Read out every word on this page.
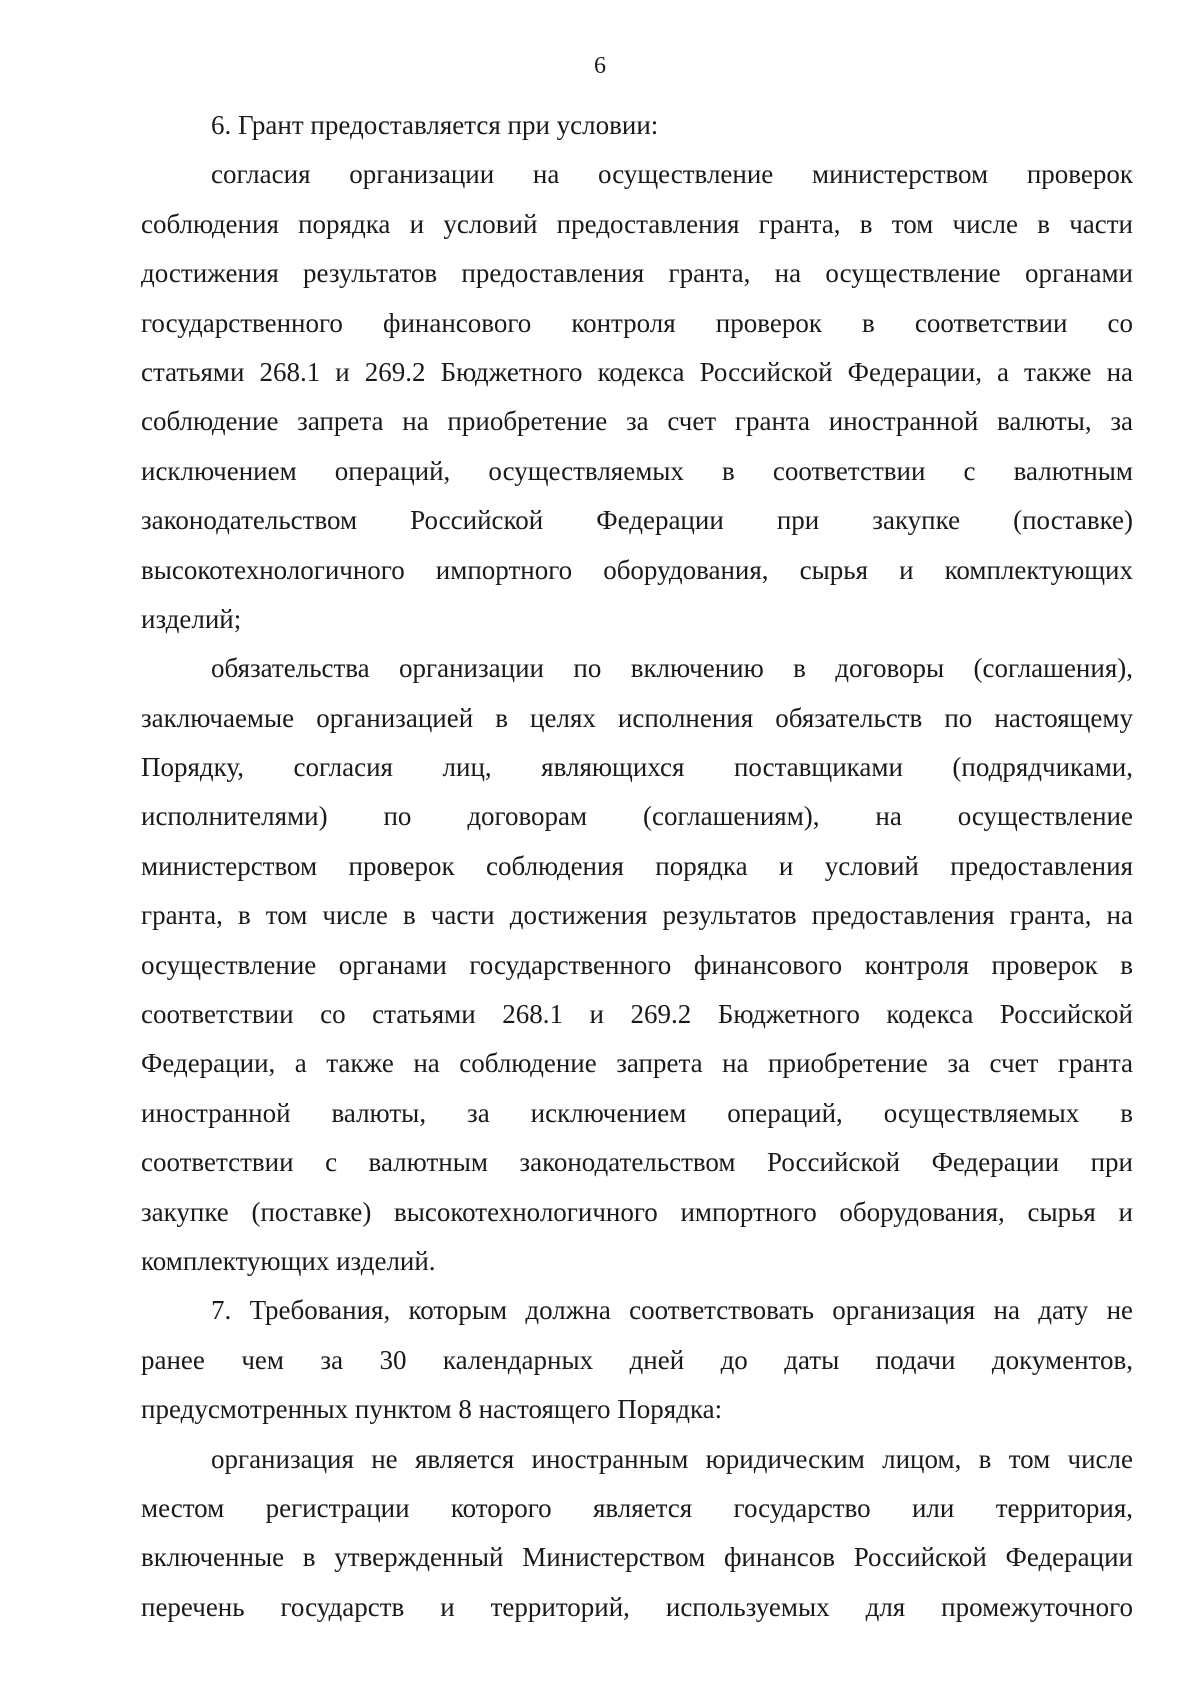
6
6. Грант предоставляется при условии:
согласия организации на осуществление министерством проверок
соблюдения порядка и условий предоставления гранта, в том числе в части
достижения результатов предоставления гранта, на осуществление органами
государственного финансового контроля проверок в соответствии со
статьями 268.1 и 269.2 Бюджетного кодекса Российской Федерации, а также на
соблюдение запрета на приобретение за счет гранта иностранной валюты, за
исключением операций, осуществляемых в соответствии с валютным
законодательством Российской Федерации при закупке (поставке)
высокотехнологичного импортного оборудования, сырья и комплектующих
изделий;
обязательства организации по включению в договоры (соглашения),
заключаемые организацией в целях исполнения обязательств по настоящему
Порядку, согласия лиц, являющихся поставщиками (подрядчиками,
исполнителями) по договорам (соглашениям), на осуществление
министерством проверок соблюдения порядка и условий предоставления
гранта, в том числе в части достижения результатов предоставления гранта, на
осуществление органами государственного финансового контроля проверок в
соответствии со статьями 268.1 и 269.2 Бюджетного кодекса Российской
Федерации, а также на соблюдение запрета на приобретение за счет гранта
иностранной валюты, за исключением операций, осуществляемых в
соответствии с валютным законодательством Российской Федерации при
закупке (поставке) высокотехнологичного импортного оборудования, сырья и
комплектующих изделий.
7. Требования, которым должна соответствовать организация на дату не
ранее чем за 30 календарных дней до даты подачи документов,
предусмотренных пунктом 8 настоящего Порядка:
организация не является иностранным юридическим лицом, в том числе
местом регистрации которого является государство или территория,
включенные в утвержденный Министерством финансов Российской Федерации
перечень государств и территорий, используемых для промежуточного
